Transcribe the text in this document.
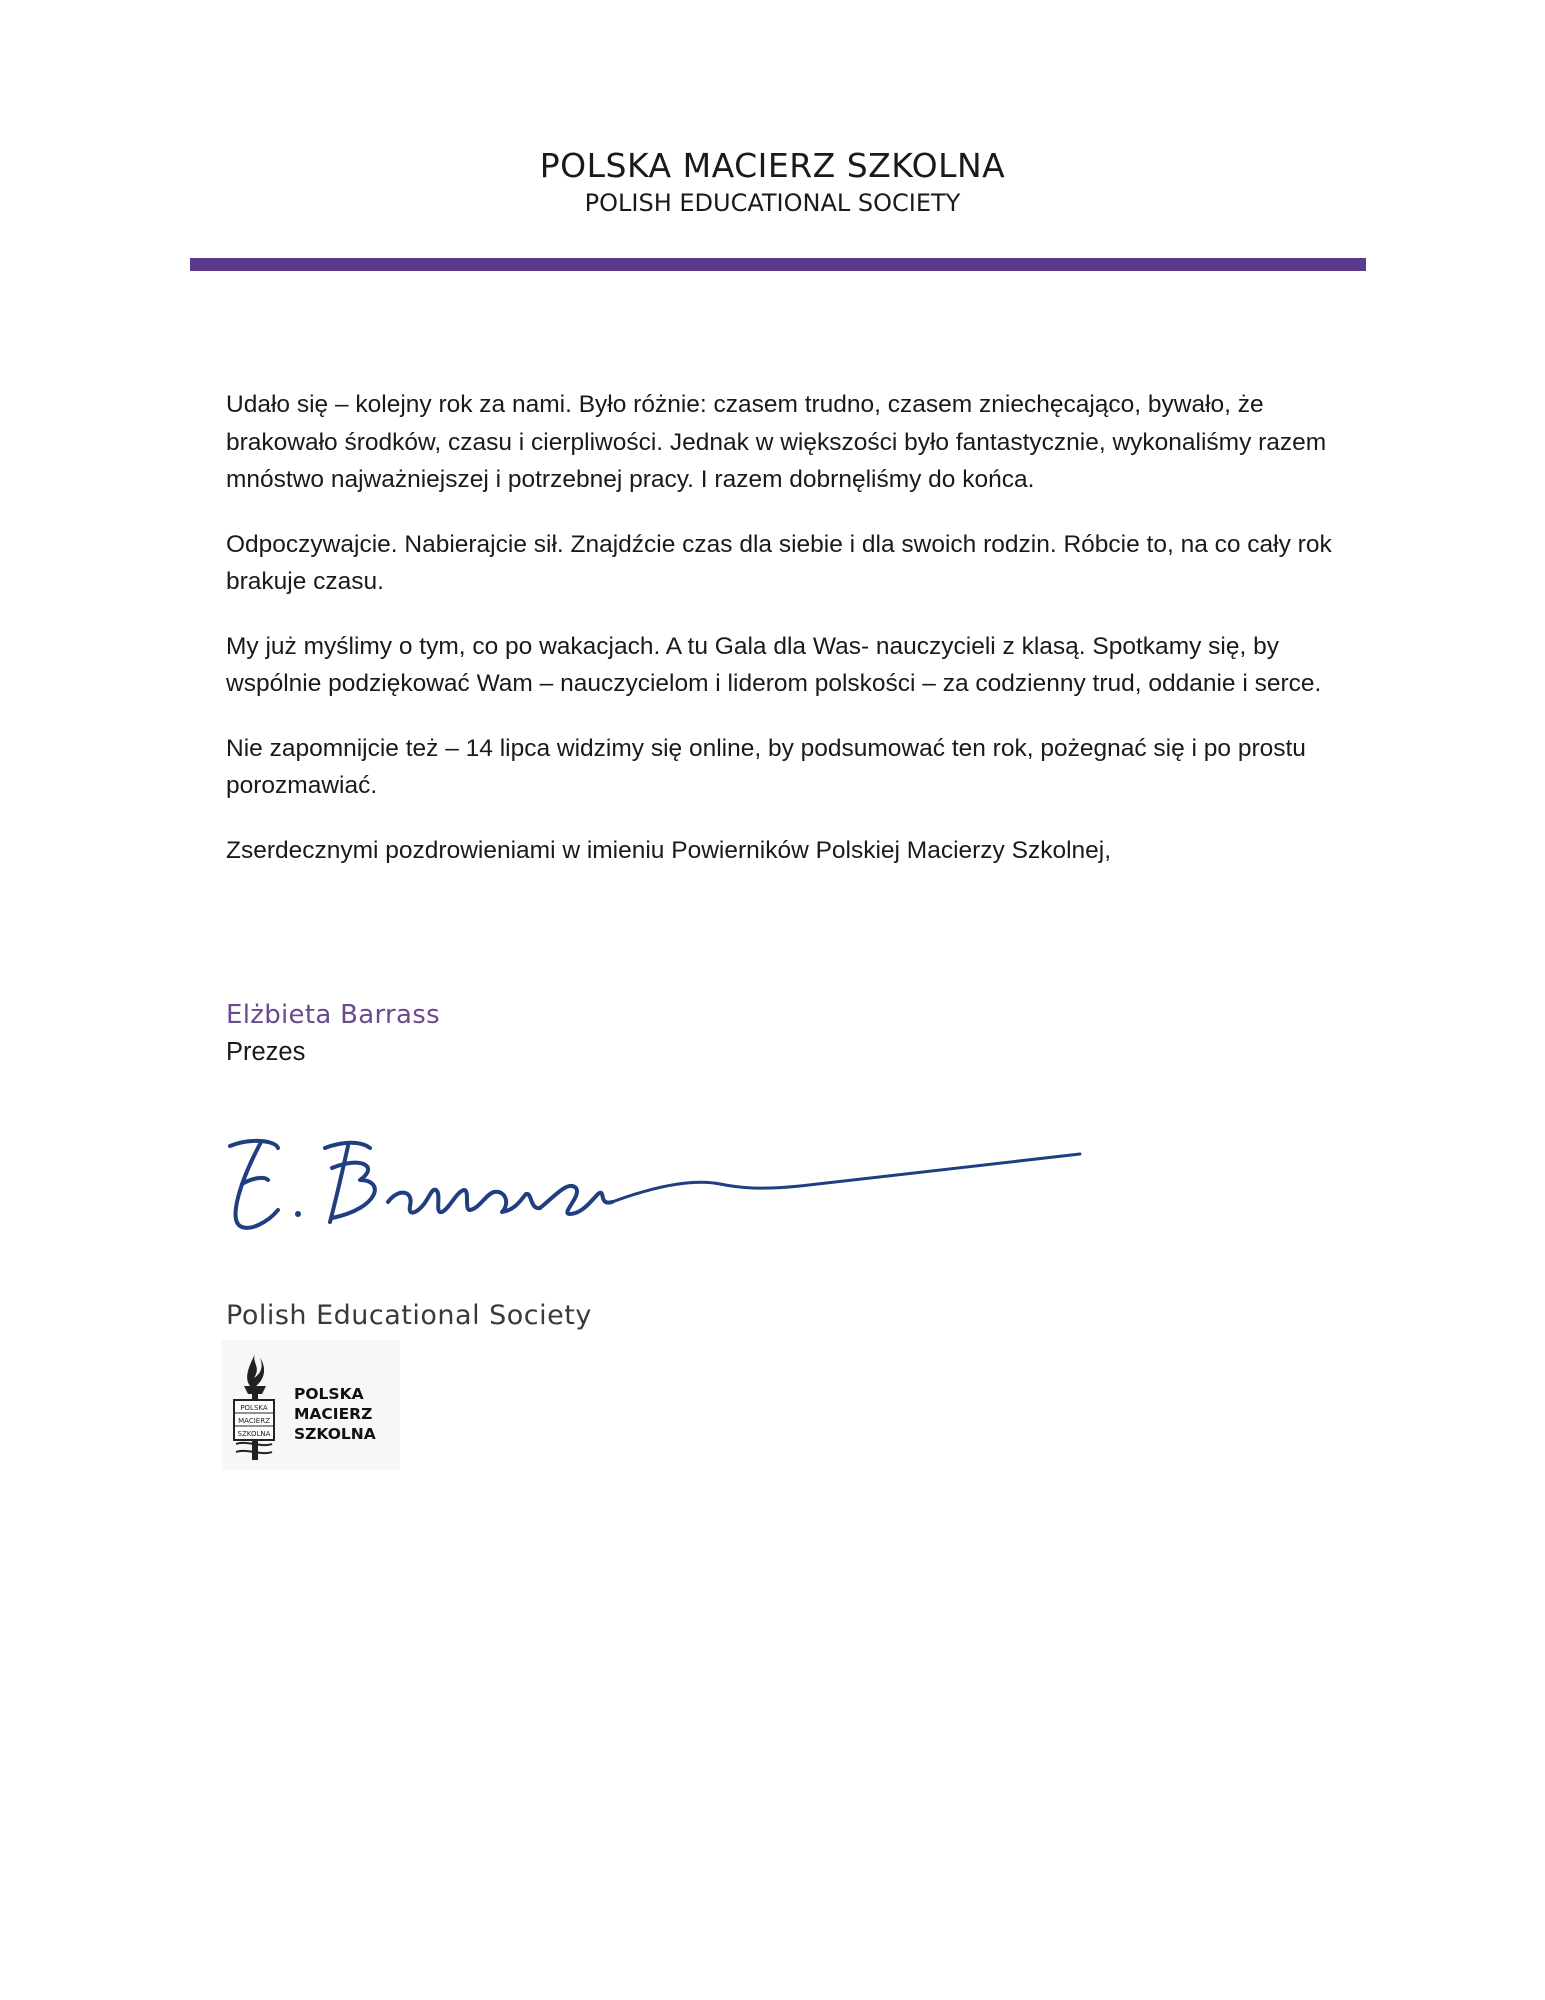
POLSKA MACIERZ SZKOLNA
POLISH EDUCATIONAL SOCIETY

Udało się – kolejny rok za nami. Było różnie: czasem trudno, czasem zniechęcająco, bywało, że brakowało środków, czasu i cierpliwości. Jednak w większości było fantastycznie, wykonaliśmy razem mnóstwo najważniejszej i potrzebnej pracy. I razem dobrnęliśmy do końca.

Odpoczywajcie. Nabierajcie sił. Znajdźcie czas dla siebie i dla swoich rodzin. Róbcie to, na co cały rok brakuje czasu.

My już myślimy o tym, co po wakacjach. A tu Gala dla Was- nauczycieli z klasą. Spotkamy się, by wspólnie podziękować Wam – nauczycielom i liderom polskości – za codzienny trud, oddanie i serce.

Nie zapomnijcie też – 14 lipca widzimy się online, by podsumować ten rok, pożegnać się i po prostu porozmawiać.

Zserdecznymi pozdrowieniami w imieniu Powierników Polskiej Macierzy Szkolnej,

Elżbieta Barrass
Prezes
Polish Educational Society
POLSKA
MACIERZ
SZKOLNA
POLSKA
MACIERZ
SZKOLNA
